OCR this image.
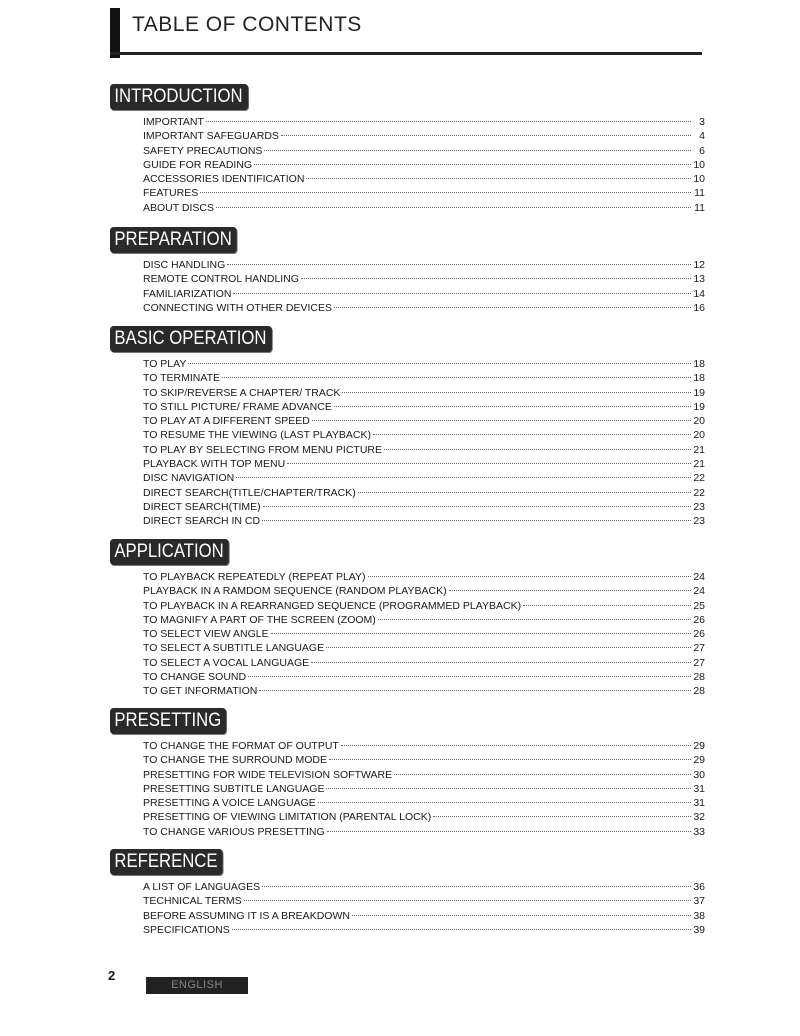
TABLE OF CONTENTS
INTRODUCTION
IMPORTANT	3
IMPORTANT SAFEGUARDS	4
SAFETY PRECAUTIONS	6
GUIDE FOR READING	10
ACCESSORIES IDENTIFICATION	10
FEATURES	11
ABOUT DISCS	11
PREPARATION
DISC HANDLING	12
REMOTE CONTROL HANDLING	13
FAMILIARIZATION	14
CONNECTING WITH OTHER DEVICES	16
BASIC OPERATION
TO PLAY	18
TO TERMINATE	18
TO SKIP/REVERSE A CHAPTER/ TRACK	19
TO STILL PICTURE/ FRAME ADVANCE	19
TO PLAY AT A DIFFERENT SPEED	20
TO RESUME THE VIEWING (LAST PLAYBACK)	20
TO PLAY BY SELECTING FROM MENU PICTURE	21
PLAYBACK WITH TOP MENU	21
DISC NAVIGATION	22
DIRECT SEARCH(TITLE/CHAPTER/TRACK)	22
DIRECT SEARCH(TIME)	23
DIRECT SEARCH IN CD	23
APPLICATION
TO PLAYBACK REPEATEDLY (REPEAT PLAY)	24
PLAYBACK IN A RAMDOM SEQUENCE (RANDOM PLAYBACK)	24
TO PLAYBACK IN A REARRANGED SEQUENCE (PROGRAMMED PLAYBACK)	25
TO MAGNIFY A PART OF THE SCREEN (ZOOM)	26
TO SELECT VIEW ANGLE	26
TO SELECT A SUBTITLE LANGUAGE	27
TO SELECT A VOCAL LANGUAGE	27
TO CHANGE SOUND	28
TO GET INFORMATION	28
PRESETTING
TO CHANGE THE FORMAT OF OUTPUT	29
TO CHANGE THE SURROUND MODE	29
PRESETTING FOR WIDE TELEVISION SOFTWARE	30
PRESETTING SUBTITLE LANGUAGE	31
PRESETTING A VOICE LANGUAGE	31
PRESETTING OF VIEWING LIMITATION (PARENTAL LOCK)	32
TO CHANGE VARIOUS PRESETTING	33
REFERENCE
A LIST OF LANGUAGES	36
TECHNICAL TERMS	37
BEFORE ASSUMING IT IS A BREAKDOWN	38
SPECIFICATIONS	39
2
ENGLISH
